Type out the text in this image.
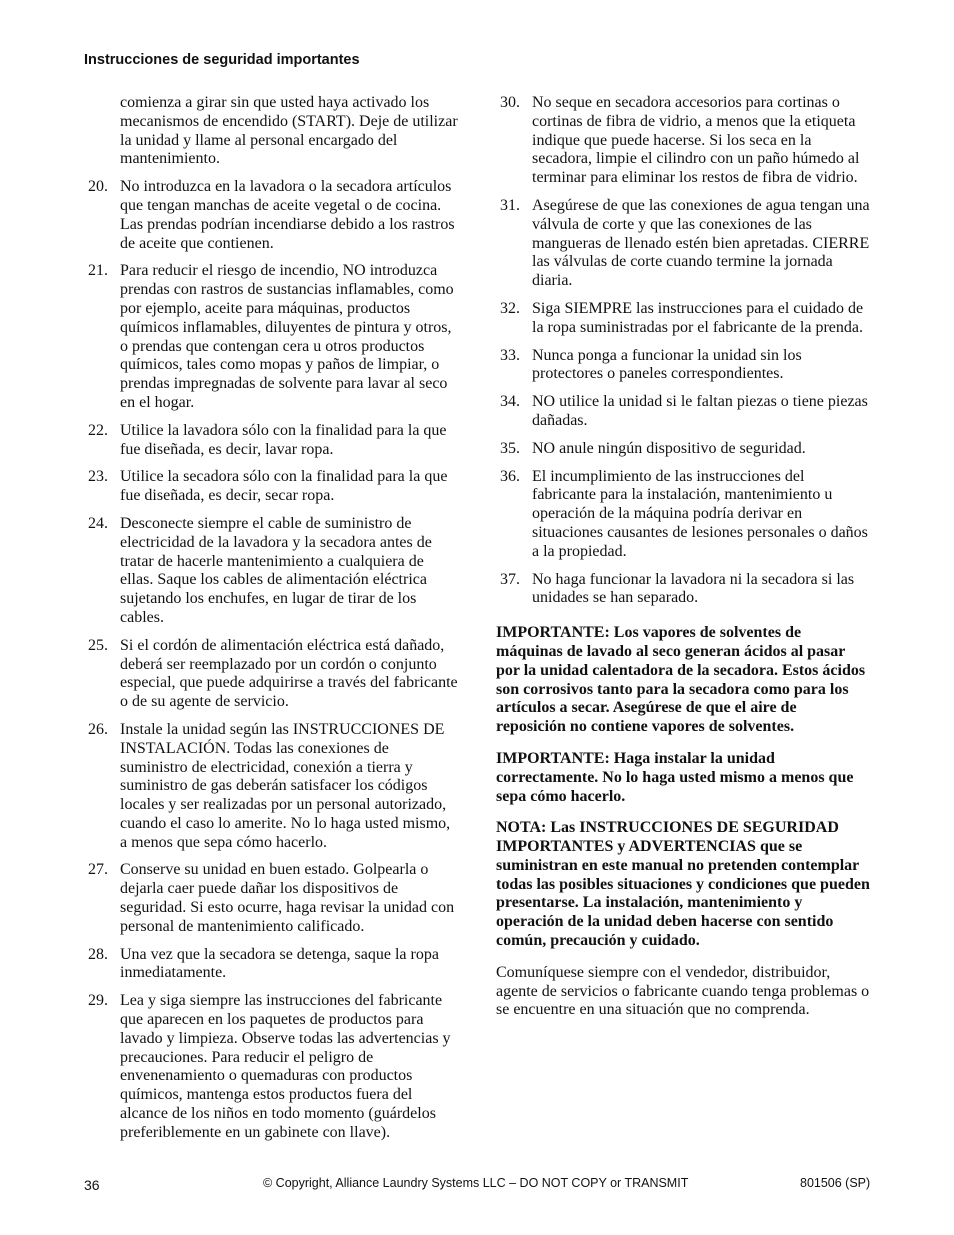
Instrucciones de seguridad importantes
comienza a girar sin que usted haya activado los mecanismos de encendido (START). Deje de utilizar la unidad y llame al personal encargado del mantenimiento.
20. No introduzca en la lavadora o la secadora artículos que tengan manchas de aceite vegetal o de cocina. Las prendas podrían incendiarse debido a los rastros de aceite que contienen.
21. Para reducir el riesgo de incendio, NO introduzca prendas con rastros de sustancias inflamables, como por ejemplo, aceite para máquinas, productos químicos inflamables, diluyentes de pintura y otros, o prendas que contengan cera u otros productos químicos, tales como mopas y paños de limpiar, o prendas impregnadas de solvente para lavar al seco en el hogar.
22. Utilice la lavadora sólo con la finalidad para la que fue diseñada, es decir, lavar ropa.
23. Utilice la secadora sólo con la finalidad para la que fue diseñada, es decir, secar ropa.
24. Desconecte siempre el cable de suministro de electricidad de la lavadora y la secadora antes de tratar de hacerle mantenimiento a cualquiera de ellas. Saque los cables de alimentación eléctrica sujetando los enchufes, en lugar de tirar de los cables.
25. Si el cordón de alimentación eléctrica está dañado, deberá ser reemplazado por un cordón o conjunto especial, que puede adquirirse a través del fabricante o de su agente de servicio.
26. Instale la unidad según las INSTRUCCIONES DE INSTALACIÓN. Todas las conexiones de suministro de electricidad, conexión a tierra y suministro de gas deberán satisfacer los códigos locales y ser realizadas por un personal autorizado, cuando el caso lo amerite. No lo haga usted mismo, a menos que sepa cómo hacerlo.
27. Conserve su unidad en buen estado. Golpearla o dejarla caer puede dañar los dispositivos de seguridad. Si esto ocurre, haga revisar la unidad con personal de mantenimiento calificado.
28. Una vez que la secadora se detenga, saque la ropa inmediatamente.
29. Lea y siga siempre las instrucciones del fabricante que aparecen en los paquetes de productos para lavado y limpieza. Observe todas las advertencias y precauciones. Para reducir el peligro de envenenamiento o quemaduras con productos químicos, mantenga estos productos fuera del alcance de los niños en todo momento (guárdelos preferiblemente en un gabinete con llave).
30. No seque en secadora accesorios para cortinas o cortinas de fibra de vidrio, a menos que la etiqueta indique que puede hacerse. Si los seca en la secadora, limpie el cilindro con un paño húmedo al terminar para eliminar los restos de fibra de vidrio.
31. Asegúrese de que las conexiones de agua tengan una válvula de corte y que las conexiones de las mangueras de llenado estén bien apretadas. CIERRE las válvulas de corte cuando termine la jornada diaria.
32. Siga SIEMPRE las instrucciones para el cuidado de la ropa suministradas por el fabricante de la prenda.
33. Nunca ponga a funcionar la unidad sin los protectores o paneles correspondientes.
34. NO utilice la unidad si le faltan piezas o tiene piezas dañadas.
35. NO anule ningún dispositivo de seguridad.
36. El incumplimiento de las instrucciones del fabricante para la instalación, mantenimiento u operación de la máquina podría derivar en situaciones causantes de lesiones personales o daños a la propiedad.
37. No haga funcionar la lavadora ni la secadora si las unidades se han separado.
IMPORTANTE: Los vapores de solventes de máquinas de lavado al seco generan ácidos al pasar por la unidad calentadora de la secadora. Estos ácidos son corrosivos tanto para la secadora como para los artículos a secar. Asegúrese de que el aire de reposición no contiene vapores de solventes.
IMPORTANTE: Haga instalar la unidad correctamente. No lo haga usted mismo a menos que sepa cómo hacerlo.
NOTA: Las INSTRUCCIONES DE SEGURIDAD IMPORTANTES y ADVERTENCIAS que se suministran en este manual no pretenden contemplar todas las posibles situaciones y condiciones que pueden presentarse. La instalación, mantenimiento y operación de la unidad deben hacerse con sentido común, precaución y cuidado.
Comuníquese siempre con el vendedor, distribuidor, agente de servicios o fabricante cuando tenga problemas o se encuentre en una situación que no comprenda.
36	© Copyright, Alliance Laundry Systems LLC – DO NOT COPY or TRANSMIT	801506 (SP)
